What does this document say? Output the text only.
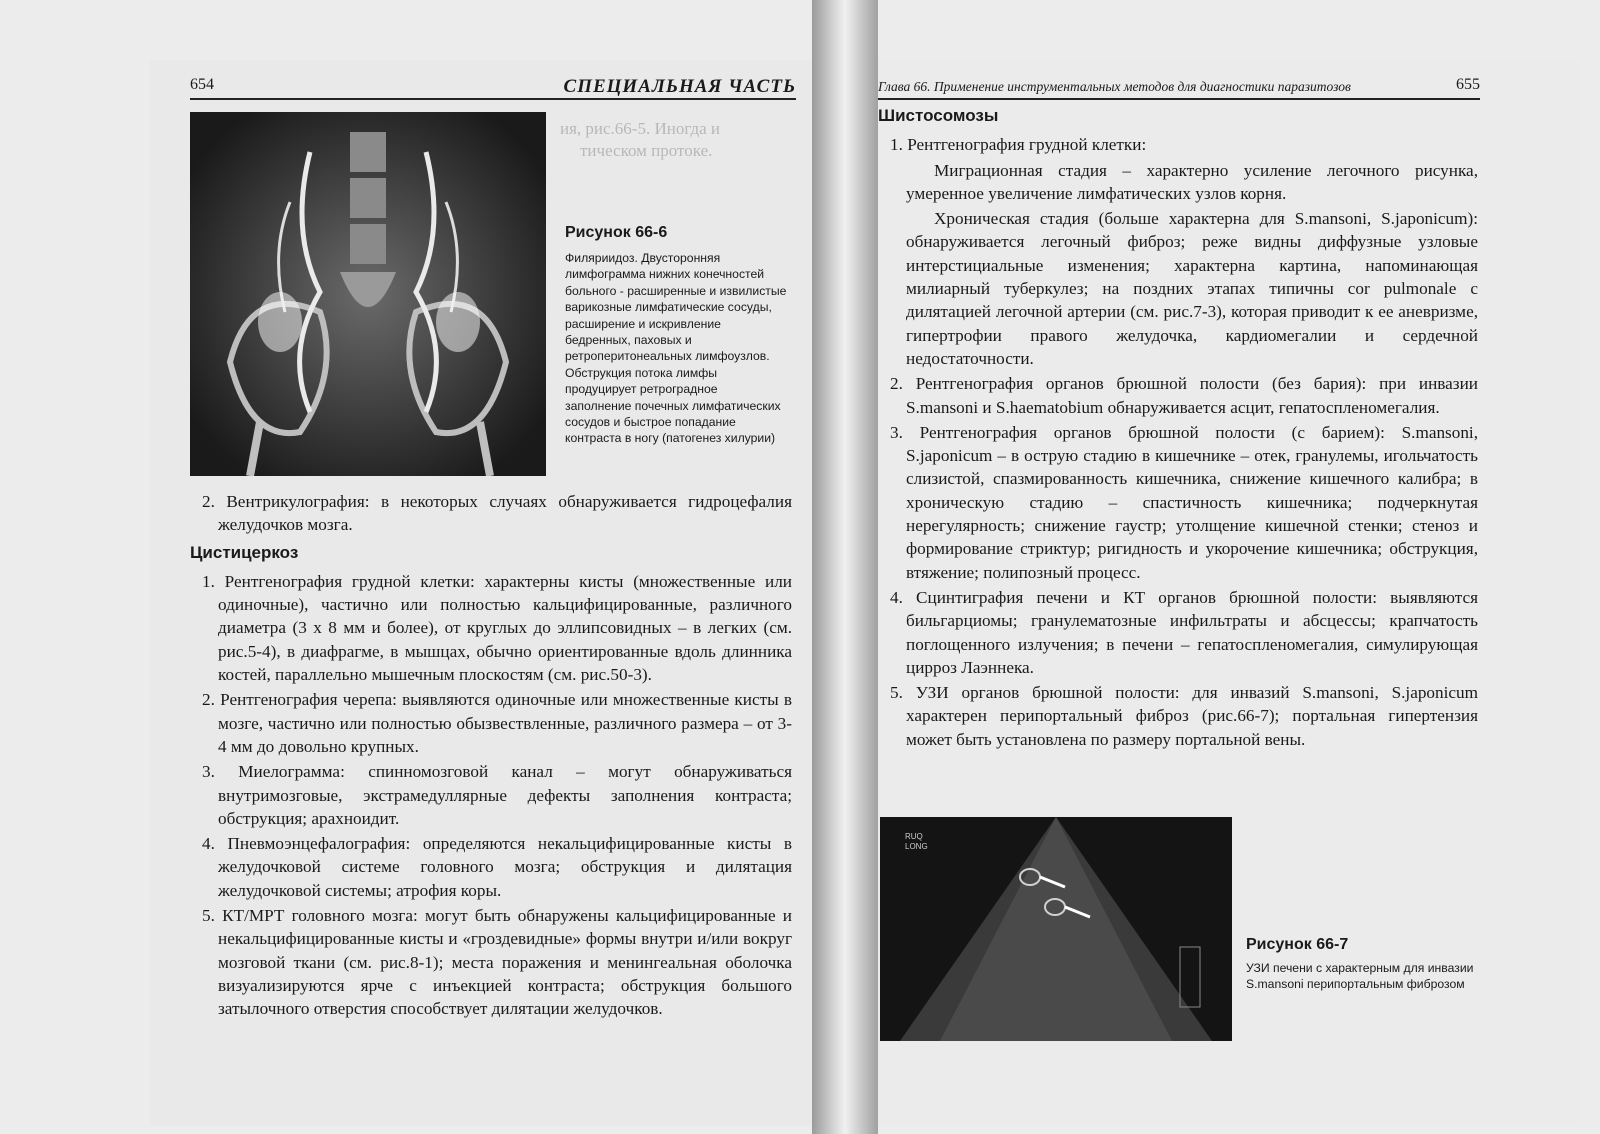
ия, рис.66-5. Иногда и
тическом протоке.
654	СПЕЦИАЛЬНАЯ ЧАСТЬ
Рисунок 66-6
Филяриидоз. Двусторонняя лимфограмма нижних конечностей больного - расширенные и извилистые варикозные лимфатические сосуды, расширение и искривление бедренных, паховых и ретроперитонеальных лимфоузлов. Обструкция потока лимфы продуцирует ретроградное заполнение почечных лимфатических сосудов и быстрое попадание контраста в ногу (патогенез хилурии)

2. Вентрикулография: в некоторых случаях обнаруживается гидроцефалия желудочков мозга.

Цистицеркоз

1. Рентгенография грудной клетки: характерны кисты (множественные или одиночные), частично или полностью кальцифицированные, различного диаметра (3 х 8 мм и более), от круглых до эллипсовидных – в легких (см. рис.5-4), в диафрагме, в мышцах, обычно ориентированные вдоль длинника костей, параллельно мышечным плоскостям (см. рис.50-3).

2. Рентгенография черепа: выявляются одиночные или множественные кисты в мозге, частично или полностью обызвествленные, различного размера – от 3-4 мм до довольно крупных.

3. Миелограмма: спинномозговой канал – могут обнаруживаться внутримозговые, экстрамедуллярные дефекты заполнения контраста; обструкция; арахноидит.

4. Пневмоэнцефалография: определяются некальцифицированные кисты в желудочковой системе головного мозга; обструкция и дилятация желудочковой системы; атрофия коры.

5. КТ/МРТ головного мозга: могут быть обнаружены кальцифицированные и некальцифицированные кисты и «гроздевидные» формы внутри и/или вокруг мозговой ткани (см. рис.8-1); места поражения и менингеальная оболочка визуализируются ярче с инъекцией контраста; обструкция большого затылочного отверстия способствует дилятации желудочков.

Глава 66. Применение инструментальных методов для диагностики паразитозов	655
Шистосомозы

1. Рентгенография грудной клетки:

Миграционная стадия – характерно усиление легочного рисунка, умеренное увеличение лимфатических узлов корня.

Хроническая стадия (больше характерна для S.mansoni, S.japonicum): обнаруживается легочный фиброз; реже видны диффузные узловые интерстициальные изменения; характерна картина, напоминающая милиарный туберкулез; на поздних этапах типичны cor pulmonale с дилятацией легочной артерии (см. рис.7-3), которая приводит к ее аневризме, гипертрофии правого желудочка, кардиомегалии и сердечной недостаточности.

2. Рентгенография органов брюшной полости (без бария): при инвазии S.mansoni и S.haematobium обнаруживается асцит, гепатоспленомегалия.

3. Рентгенография органов брюшной полости (с барием): S.mansoni, S.japonicum – в острую стадию в кишечнике – отек, гранулемы, игольчатость слизистой, спазмированность кишечника, снижение кишечного калибра; в хроническую стадию – спастичность кишечника; подчеркнутая нерегулярность; снижение гаустр; утолщение кишечной стенки; стеноз и формирование стриктур; ригидность и укорочение кишечника; обструкция, втяжение; полипозный процесс.

4. Сцинтиграфия печени и КТ органов брюшной полости: выявляются бильгарциомы; гранулематозные инфильтраты и абсцессы; крапчатость поглощенного излучения; в печени – гепатоспленомегалия, симулирующая цирроз Лаэннека.

5. УЗИ органов брюшной полости: для инвазий S.mansoni, S.japonicum характерен перипортальный фиброз (рис.66-7); портальная гипертензия может быть установлена по размеру портальной вены.

RUQ
LONG
Рисунок 66-7
УЗИ печени с характерным для инвазии S.mansoni перипортальным фиброзом
